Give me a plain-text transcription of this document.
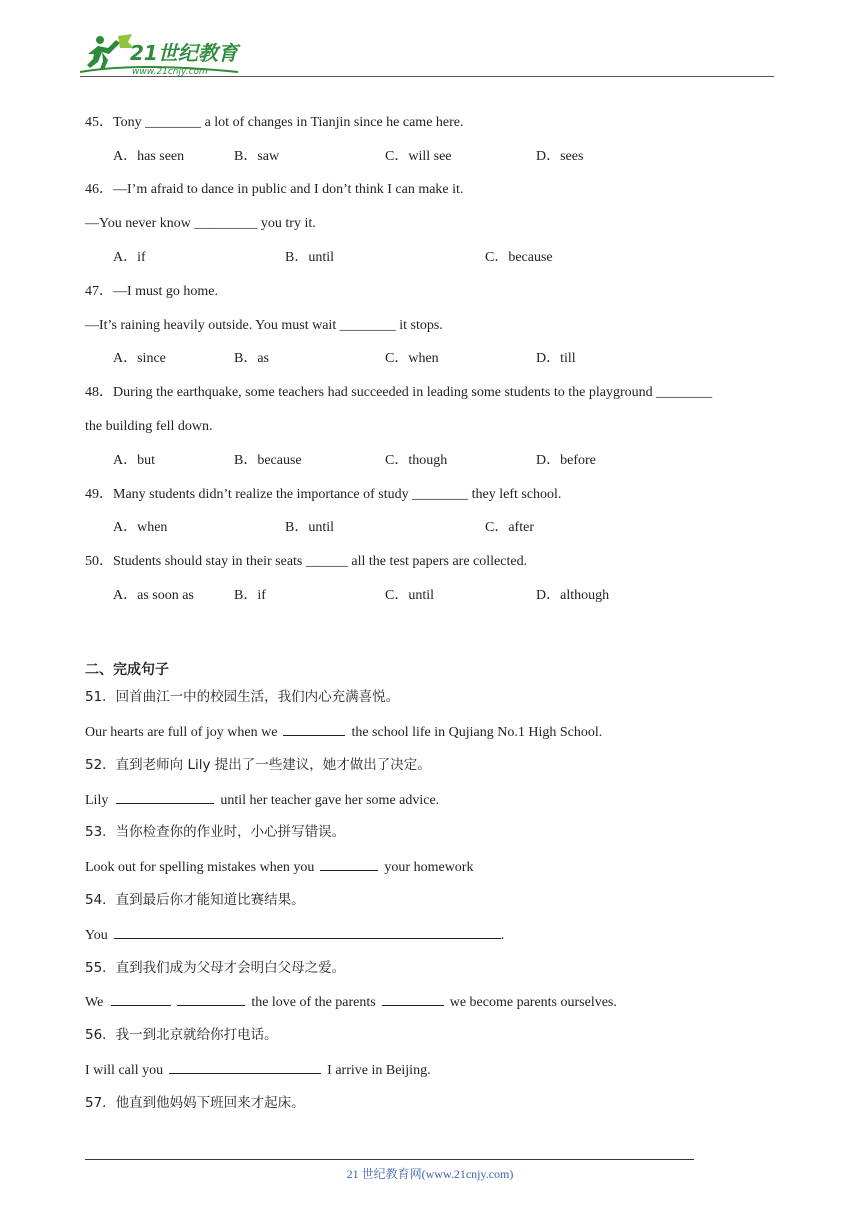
21世纪教育
www.21cnjy.com
45．Tony ________ a lot of changes in Tianjin since he came here.
A．has seen	B．saw	C．will see	D．sees
46．—I’m afraid to dance in public and I don’t think I can make it.
—You never know _________ you try it.
A．if	B．until	C．because
47．—I must go home.
—It’s raining heavily outside. You must wait ________ it stops.
A．since	B．as	C．when	D．till
48．During the earthquake, some teachers had succeeded in leading some students to the playground ________
the building fell down.
A．but	B．because	C．though	D．before
49．Many students didn’t realize the importance of study ________ they left school.
A．when	B．until	C．after
50．Students should stay in their seats ______ all the test papers are collected.
A．as soon as	B．if	C．until	D．although
二、完成句子
51．回首曲江一中的校园生活，我们内心充满喜悦。
Our hearts are full of joy when we	the school life in Qujiang No.1 High School.
52．直到老师向 Lily 提出了一些建议，她才做出了决定。
Lily	until her teacher gave her some advice.
53．当你检查你的作业时，小心拼写错误。
Look out for spelling mistakes when you	your homework
54．直到最后你才能知道比赛结果。
You	.
55．直到我们成为父母才会明白父母之爱。
We	the love of the parents	we become parents ourselves.
56．我一到北京就给你打电话。
I will call you	I arrive in Beijing.
57．他直到他妈妈下班回来才起床。
21 世纪教育网(www.21cnjy.com)
